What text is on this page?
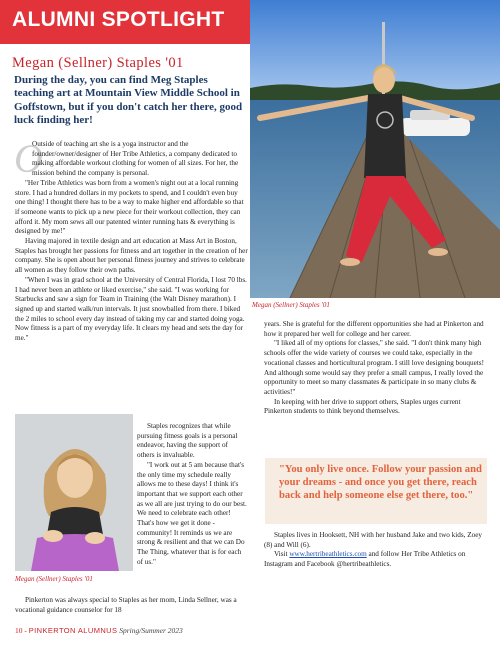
ALUMNI SPOTLIGHT
Megan (Sellner) Staples '01
During the day, you can find Meg Staples teaching art at Mountain View Middle School in Goffstown, but if you don't catch her there, good luck finding her!
O

Outside of teaching art she is a yoga instructor and the founder/owner/designer of Her Tribe Athletics, a company dedicated to making affordable workout clothing for women of all sizes. For her, the mission behind the company is personal.

"Her Tribe Athletics was born from a women's night out at a local running store. I had a hundred dollars in my pockets to spend, and I couldn't even buy one thing! I thought there has to be a way to make higher end affordable so that if someone wants to pick up a new piece for their workout collection, they can afford it. My mom sews all our patented winter running hats & everything is designed by me!"

Having majored in textile design and art education at Mass Art in Boston, Staples has brought her passions for fitness and art together in the creation of her company. She is open about her personal fitness journey and strives to celebrate all women as they follow their own paths.

"When I was in grad school at the University of Central Florida, I lost 70 lbs. I had never been an athlete or liked exercise," she said. "I was working for Starbucks and saw a sign for Team in Training (the Walt Disney marathon). I signed up and started walk/run intervals. It just snowballed from there. I biked the 2 miles to school every day instead of taking my car and started doing yoga. Now fitness is a part of my everyday life. It clears my head and sets the day for me."

Staples recognizes that while pursuing fitness goals is a personal endeavor, having the support of others is invaluable.

"I work out at 5 am because that's the only time my schedule really allows me to these days! I think it's important that we support each other as we all are just trying to do our best. We need to celebrate each other! That's how we get it done - community! It reminds us we are strong & resilient and that we can Do The Thing, whatever that is for each of us."

Pinkerton was always special to Staples as her mom, Linda Sellner, was a vocational guidance counselor for 18

Megan (Sellner) Staples '01
Megan (Sellner) Staples '01

years. She is grateful for the different opportunities she had at Pinkerton and how it prepared her well for college and her career.

"I liked all of my options for classes," she said. "I don't think many high schools offer the wide variety of courses we could take, especially in the vocational classes and horticultural program. I still love designing bouquets! And although some would say they prefer a small campus, I really loved the opportunity to meet so many classmates & participate in so many clubs & activities!"

In keeping with her drive to support others, Staples urges current Pinkerton students to think beyond themselves.

"You only live once. Follow your passion and your dreams - and once you get there, reach back and help someone else get there, too."

Staples lives in Hooksett, NH with her husband Jake and two kids, Zoey (8) and Will (6).

Visit www.hertribeathletics.com and follow Her Tribe Athletics on Instagram and Facebook @hertribeathletics.

10 - PINKERTON ALUMNUS Spring/Summer 2023
